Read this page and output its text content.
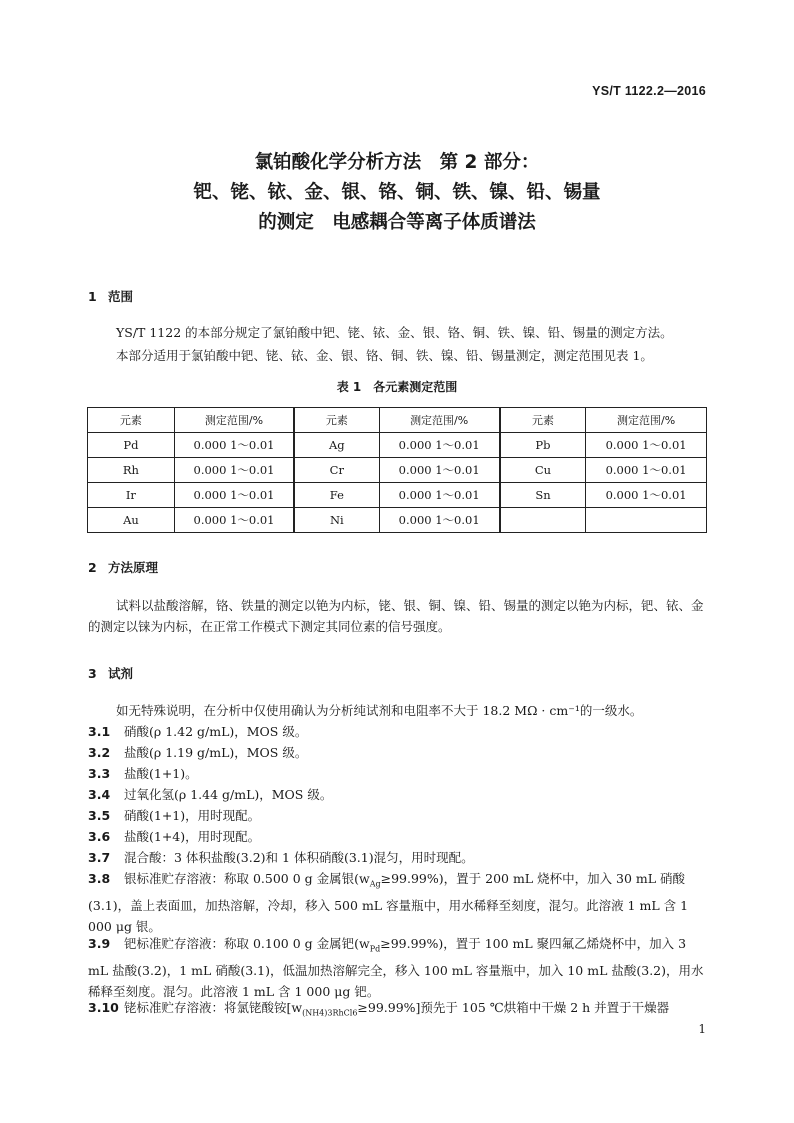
YS/T 1122.2—2016
氯铂酸化学分析方法　第 2 部分：
钯、铑、铱、金、银、铬、铜、铁、镍、铅、锡量
的测定　电感耦合等离子体质谱法
1 范围
YS/T 1122 的本部分规定了氯铂酸中钯、铑、铱、金、银、铬、铜、铁、镍、铅、锡量的测定方法。
本部分适用于氯铂酸中钯、铑、铱、金、银、铬、铜、铁、镍、铅、锡量测定，测定范围见表 1。
表 1　各元素测定范围
元素	测定范围/%	元素	测定范围/%	元素	测定范围/%
Pd	0.000 1～0.01	Ag	0.000 1～0.01	Pb	0.000 1～0.01
Rh	0.000 1～0.01	Cr	0.000 1～0.01	Cu	0.000 1～0.01
Ir	0.000 1～0.01	Fe	0.000 1～0.01	Sn	0.000 1～0.01
Au	0.000 1～0.01	Ni	0.000 1～0.01		
2 方法原理
试料以盐酸溶解，铬、铁量的测定以铯为内标，铑、银、铜、镍、铅、锡量的测定以铯为内标，钯、铱、金的测定以铼为内标，在正常工作模式下测定其同位素的信号强度。
3 试剂
如无特殊说明，在分析中仅使用确认为分析纯试剂和电阻率不大于 18.2 MΩ · cm⁻¹的一级水。
3.1 硝酸(ρ 1.42 g/mL)，MOS 级。
3.2 盐酸(ρ 1.19 g/mL)，MOS 级。
3.3 盐酸(1+1)。
3.4 过氧化氢(ρ 1.44 g/mL)，MOS 级。
3.5 硝酸(1+1)，用时现配。
3.6 盐酸(1+4)，用时现配。
3.7 混合酸：3 体积盐酸(3.2)和 1 体积硝酸(3.1)混匀，用时现配。
3.8 银标准贮存溶液：称取 0.500 0 g 金属银$(w_{Ag}\ge 99.99\%)$，置于 200 mL 烧杯中，加入 30 mL 硝酸(3.1)，盖上表面皿，加热溶解，冷却，移入 500 mL 容量瓶中，用水稀释至刻度，混匀。此溶液 1 mL 含 1 000 μg 银。
3.9 钯标准贮存溶液：称取 0.100 0 g 金属钯$(w_{Pd}\ge 99.99\%)$，置于 100 mL 聚四氟乙烯烧杯中，加入 3 mL 盐酸(3.2)，1 mL 硝酸(3.1)，低温加热溶解完全，移入 100 mL 容量瓶中，加入 10 mL 盐酸(3.2)，用水稀释至刻度。混匀。此溶液 1 mL 含 1 000 μg 钯。
3.10 铑标准贮存溶液：将氯铑酸铵$[w_{(NH4)3RhCl6}\ge 99.99\%]$预先于 105 ℃烘箱中干燥 2 h 并置于干燥器
1
